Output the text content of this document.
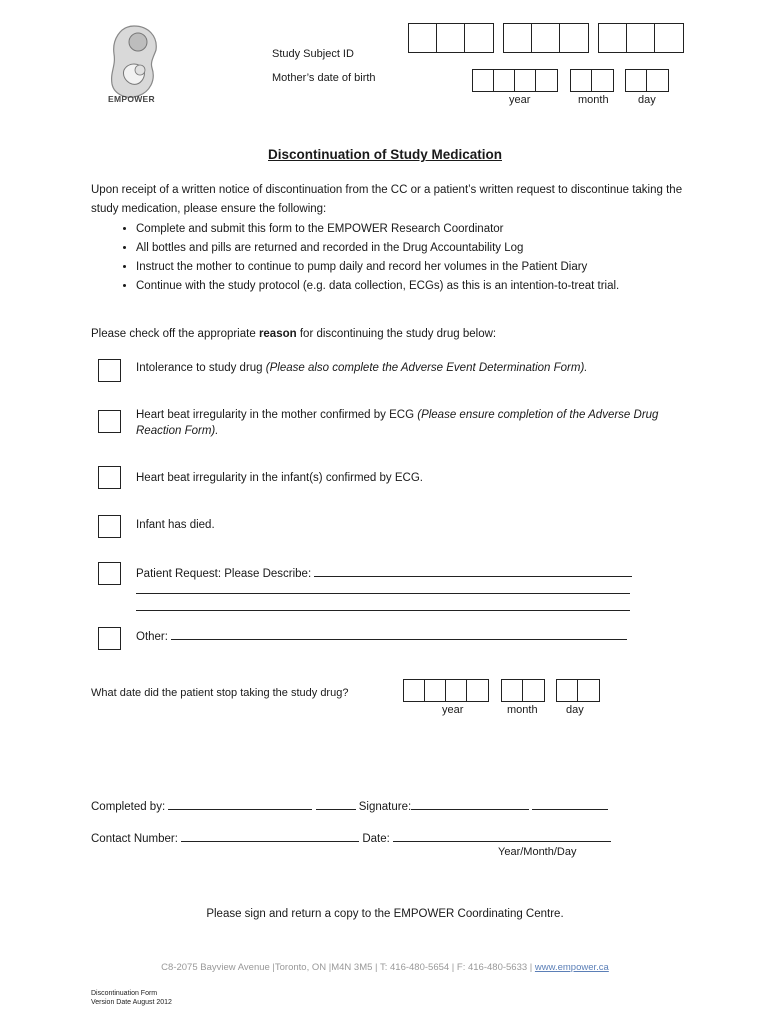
EMPOWER
Study Subject ID
Mother’s date of birth
year	month	day
Discontinuation of Study Medication
Upon receipt of a written notice of discontinuation from the CC or a patient’s written request to discontinue taking the study medication, please ensure the following:
• Complete and submit this form to the EMPOWER Research Coordinator
• All bottles and pills are returned and recorded in the Drug Accountability Log
• Instruct the mother to continue to pump daily and record her volumes in the Patient Diary
• Continue with the study protocol (e.g. data collection, ECGs) as this is an intention-to-treat trial.
Please check off the appropriate reason for discontinuing the study drug below:
Intolerance to study drug (Please also complete the Adverse Event Determination Form).
Heart beat irregularity in the mother confirmed by ECG (Please ensure completion of the Adverse Drug Reaction Form).
Heart beat irregularity in the infant(s) confirmed by ECG.
Infant has died.
Patient Request: Please Describe:
Other:
What date did the patient stop taking the study drug?
year	month	day
Completed by:	Signature:
Contact Number:	Date:
Year/Month/Day
Please sign and return a copy to the EMPOWER Coordinating Centre.
C8-2075 Bayview Avenue |Toronto, ON |M4N 3M5 | T: 416-480-5654 | F: 416-480-5633 | www.empower.ca
Discontinuation Form
Version Date August 2012
